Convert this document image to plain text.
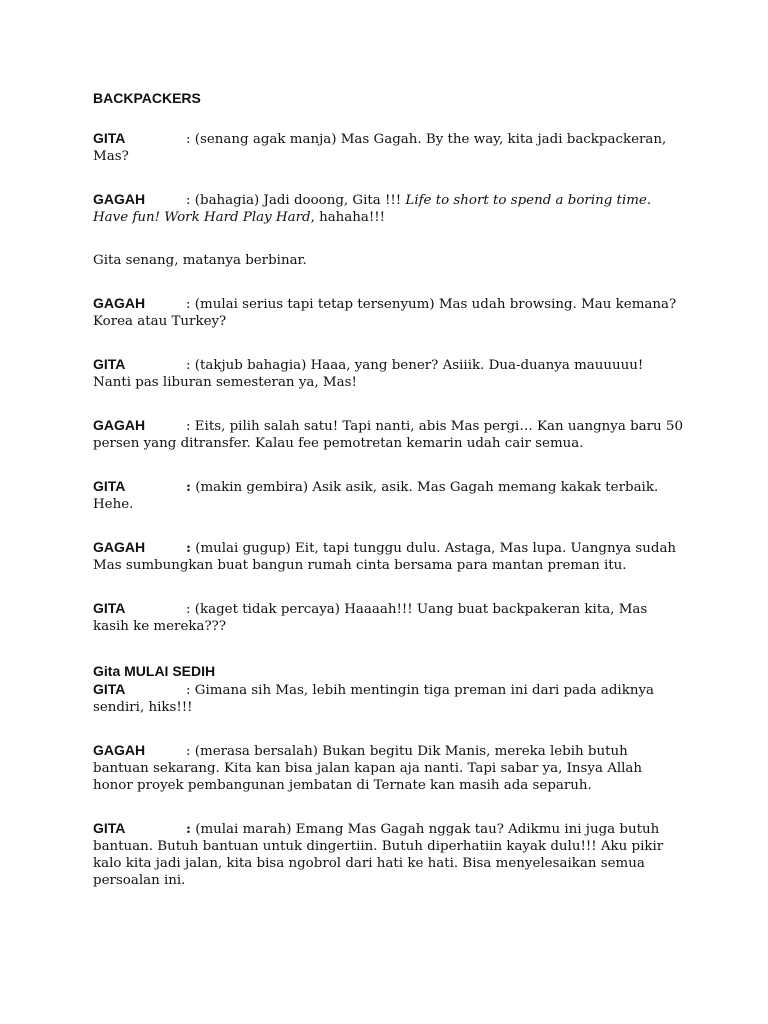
BACKPACKERS
GITA	: (senang agak manja) Mas Gagah. By the way, kita jadi backpackeran, Mas?
GAGAH	: (bahagia) Jadi dooong, Gita !!! Life to short to spend a boring time. Have fun! Work Hard Play Hard, hahaha!!!
Gita senang, matanya berbinar.
GAGAH	: (mulai serius tapi tetap tersenyum) Mas udah browsing. Mau kemana? Korea atau Turkey?
GITA	: (takjub bahagia) Haaa, yang bener? Asiiik. Dua-duanya mauuuuu! Nanti pas liburan semesteran ya, Mas!
GAGAH	: Eits, pilih salah satu! Tapi nanti, abis Mas pergi… Kan uangnya baru 50 persen yang ditransfer. Kalau fee pemotretan kemarin udah cair semua.
GITA	: (makin gembira) Asik asik, asik. Mas Gagah memang kakak terbaik. Hehe.
GAGAH	: (mulai gugup) Eit, tapi tunggu dulu. Astaga, Mas lupa. Uangnya sudah Mas sumbungkan buat bangun rumah cinta bersama para mantan preman itu.
GITA	: (kaget tidak percaya) Haaaah!!! Uang buat backpakeran kita, Mas kasih ke mereka???
Gita MULAI SEDIH
GITA	: Gimana sih Mas, lebih mentingin tiga preman ini dari pada adiknya sendiri, hiks!!!
GAGAH	: (merasa bersalah) Bukan begitu Dik Manis, mereka lebih butuh bantuan sekarang. Kita kan bisa jalan kapan aja nanti. Tapi sabar ya, Insya Allah honor proyek pembangunan jembatan di Ternate kan masih ada separuh.
GITA	: (mulai marah) Emang Mas Gagah nggak tau? Adikmu ini juga butuh bantuan. Butuh bantuan untuk dingertiin. Butuh diperhatiin kayak dulu!!! Aku pikir kalo kita jadi jalan, kita bisa ngobrol dari hati ke hati. Bisa menyelesaikan semua persoalan ini.
